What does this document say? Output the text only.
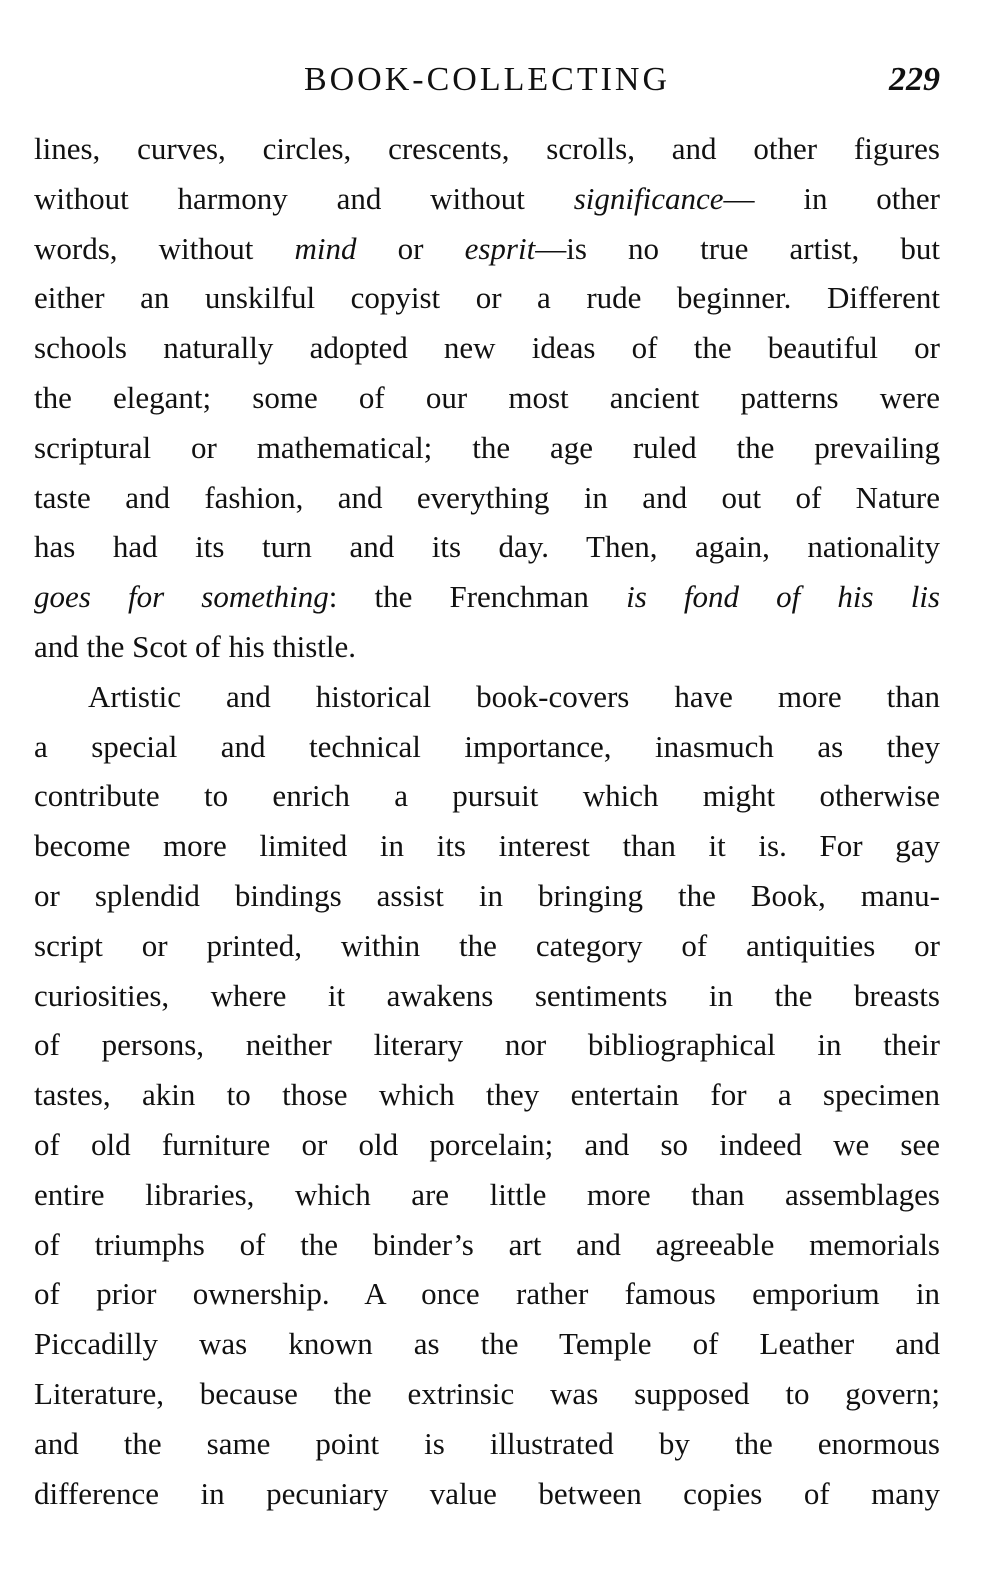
BOOK-COLLECTING	229
lines, curves, circles, crescents, scrolls, and other figures
without harmony and without significance— in other
words, without mind or esprit—is no true artist, but
either an unskilful copyist or a rude beginner. Different
schools naturally adopted new ideas of the beautiful or
the elegant; some of our most ancient patterns were
scriptural or mathematical; the age ruled the prevailing
taste and fashion, and everything in and out of Nature
has had its turn and its day. Then, again, nationality
goes for something: the Frenchman is fond of his lis
and the Scot of his thistle.
Artistic and historical book-covers have more than
a special and technical importance, inasmuch as they
contribute to enrich a pursuit which might otherwise
become more limited in its interest than it is. For gay
or splendid bindings assist in bringing the Book, manu-
script or printed, within the category of antiquities or
curiosities, where it awakens sentiments in the breasts
of persons, neither literary nor bibliographical in their
tastes, akin to those which they entertain for a specimen
of old furniture or old porcelain; and so indeed we see
entire libraries, which are little more than assemblages
of triumphs of the binder’s art and agreeable memorials
of prior ownership. A once rather famous emporium in
Piccadilly was known as the Temple of Leather and
Literature, because the extrinsic was supposed to govern;
and the same point is illustrated by the enormous
difference in pecuniary value between copies of many
